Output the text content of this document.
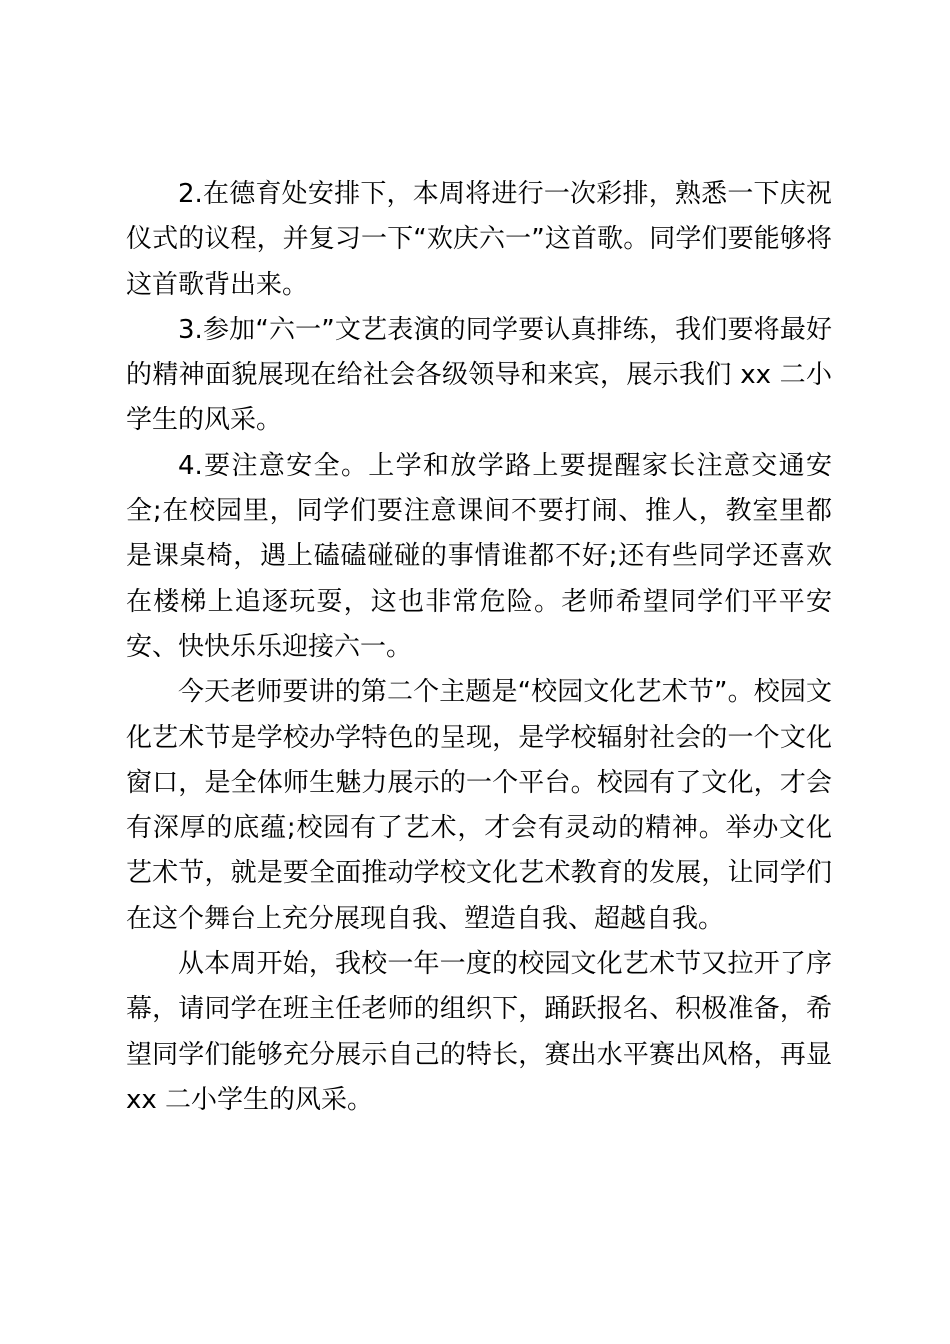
2.在德育处安排下，本周将进行一次彩排，熟悉一下庆祝仪式的议程，并复习一下“欢庆六一”这首歌。同学们要能够将这首歌背出来。

3.参加“六一”文艺表演的同学要认真排练，我们要将最好的精神面貌展现在给社会各级领导和来宾，展示我们 xx 二小学生的风采。

4.要注意安全。上学和放学路上要提醒家长注意交通安全;在校园里，同学们要注意课间不要打闹、推人，教室里都是课桌椅，遇上磕磕碰碰的事情谁都不好;还有些同学还喜欢在楼梯上追逐玩耍，这也非常危险。老师希望同学们平平安安、快快乐乐迎接六一。

今天老师要讲的第二个主题是“校园文化艺术节”。校园文化艺术节是学校办学特色的呈现，是学校辐射社会的一个文化窗口，是全体师生魅力展示的一个平台。校园有了文化，才会有深厚的底蕴;校园有了艺术，才会有灵动的精神。举办文化艺术节，就是要全面推动学校文化艺术教育的发展，让同学们在这个舞台上充分展现自我、塑造自我、超越自我。

从本周开始，我校一年一度的校园文化艺术节又拉开了序幕，请同学在班主任老师的组织下，踊跃报名、积极准备，希望同学们能够充分展示自己的特长，赛出水平赛出风格，再显 xx 二小学生的风采。
